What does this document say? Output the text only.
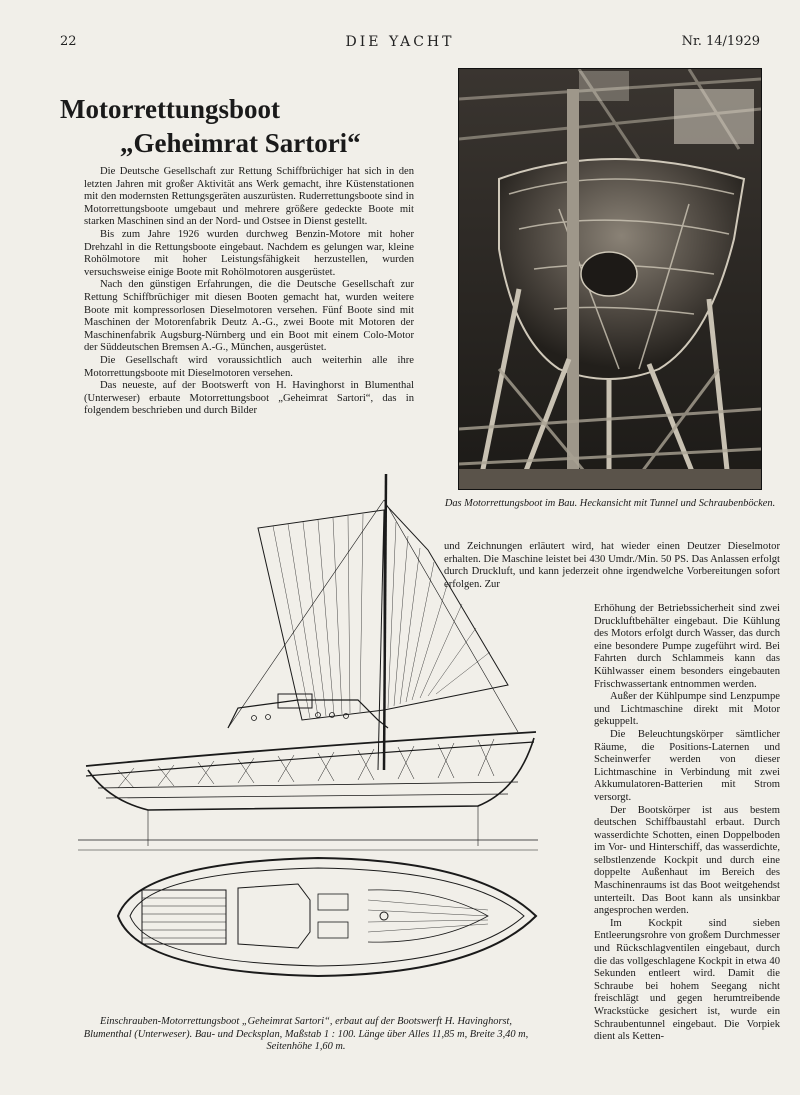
22	DIE YACHT	Nr. 14/1929
Motorrettungsboot
„Geheimrat Sartori“

Die Deutsche Gesellschaft zur Rettung Schiffbrüchiger hat sich in den letzten Jahren mit großer Aktivität ans Werk gemacht, ihre Küstenstationen mit den modernsten Rettungsgeräten auszurüsten. Ruderrettungsboote sind in Motorrettungsboote umgebaut und mehrere größere gedeckte Boote mit starken Maschinen sind an der Nord- und Ostsee in Dienst gestellt.

Bis zum Jahre 1926 wurden durchweg Benzin-Motore mit hoher Drehzahl in die Rettungsboote eingebaut. Nachdem es gelungen war, kleine Rohölmotore mit hoher Leistungsfähigkeit herzustellen, wurden versuchsweise einige Boote mit Rohölmotoren ausgerüstet.

Nach den günstigen Erfahrungen, die die Deutsche Gesellschaft zur Rettung Schiffbrüchiger mit diesen Booten gemacht hat, wurden weitere Boote mit kompressorlosen Dieselmotoren versehen. Fünf Boote sind mit Maschinen der Motorenfabrik Deutz A.-G., zwei Boote mit Motoren der Maschinenfabrik Augsburg-Nürnberg und ein Boot mit einem Colo-Motor der Süddeutschen Bremsen A.-G., München, ausgerüstet.

Die Gesellschaft wird voraussichtlich auch weiterhin alle ihre Motorrettungsboote mit Dieselmotoren versehen.

Das neueste, auf der Bootswerft von H. Havinghorst in Blumenthal (Unterweser) erbaute Motorrettungsboot „Geheimrat Sartori“, das in folgendem beschrieben und durch Bilder

Das Motorrettungsboot im Bau. Heckansicht mit Tunnel und Schraubenböcken.
Einschrauben-Motorrettungsboot „Geheimrat Sartori“, erbaut auf der Bootswerft H. Havinghorst, Blumenthal (Unterweser). Bau- und Decksplan, Maßstab 1 : 100. Länge über Alles 11,85 m, Breite 3,40 m, Seitenhöhe 1,60 m.

und Zeichnungen erläutert wird, hat wieder einen Deutzer Dieselmotor erhalten. Die Maschine leistet bei 430 Umdr./Min. 50 PS. Das Anlassen erfolgt durch Druckluft, und kann jederzeit ohne irgendwelche Vorbereitungen sofort erfolgen. Zur

Erhöhung der Betriebssicherheit sind zwei Druckluftbehälter eingebaut. Die Kühlung des Motors erfolgt durch Wasser, das durch eine besondere Pumpe zugeführt wird. Bei Fahrten durch Schlammeis kann das Kühlwasser einem besonders eingebauten Frischwassertank entnommen werden.

Außer der Kühlpumpe sind Lenzpumpe und Lichtmaschine direkt mit Motor gekuppelt.

Die Beleuchtungskörper sämtlicher Räume, die Positions-Laternen und Scheinwerfer werden von dieser Lichtmaschine in Verbindung mit zwei Akkumulatoren-Batterien mit Strom versorgt.

Der Bootskörper ist aus bestem deutschen Schiffbaustahl erbaut. Durch wasserdichte Schotten, einen Doppelboden im Vor- und Hinterschiff, das wasserdichte, selbstlenzende Kockpit und durch eine doppelte Außenhaut im Bereich des Maschinenraums ist das Boot weitgehendst unterteilt. Das Boot kann als unsinkbar angesprochen werden.

Im Kockpit sind sieben Entleerungsrohre von großem Durchmesser und Rückschlagventilen eingebaut, durch die das vollgeschlagene Kockpit in etwa 40 Sekunden entleert wird. Damit die Schraube bei hohem Seegang nicht freischlägt und gegen herumtreibende Wrackstücke gesichert ist, wurde ein Schraubentunnel eingebaut. Die Vorpiek dient als Ketten-
